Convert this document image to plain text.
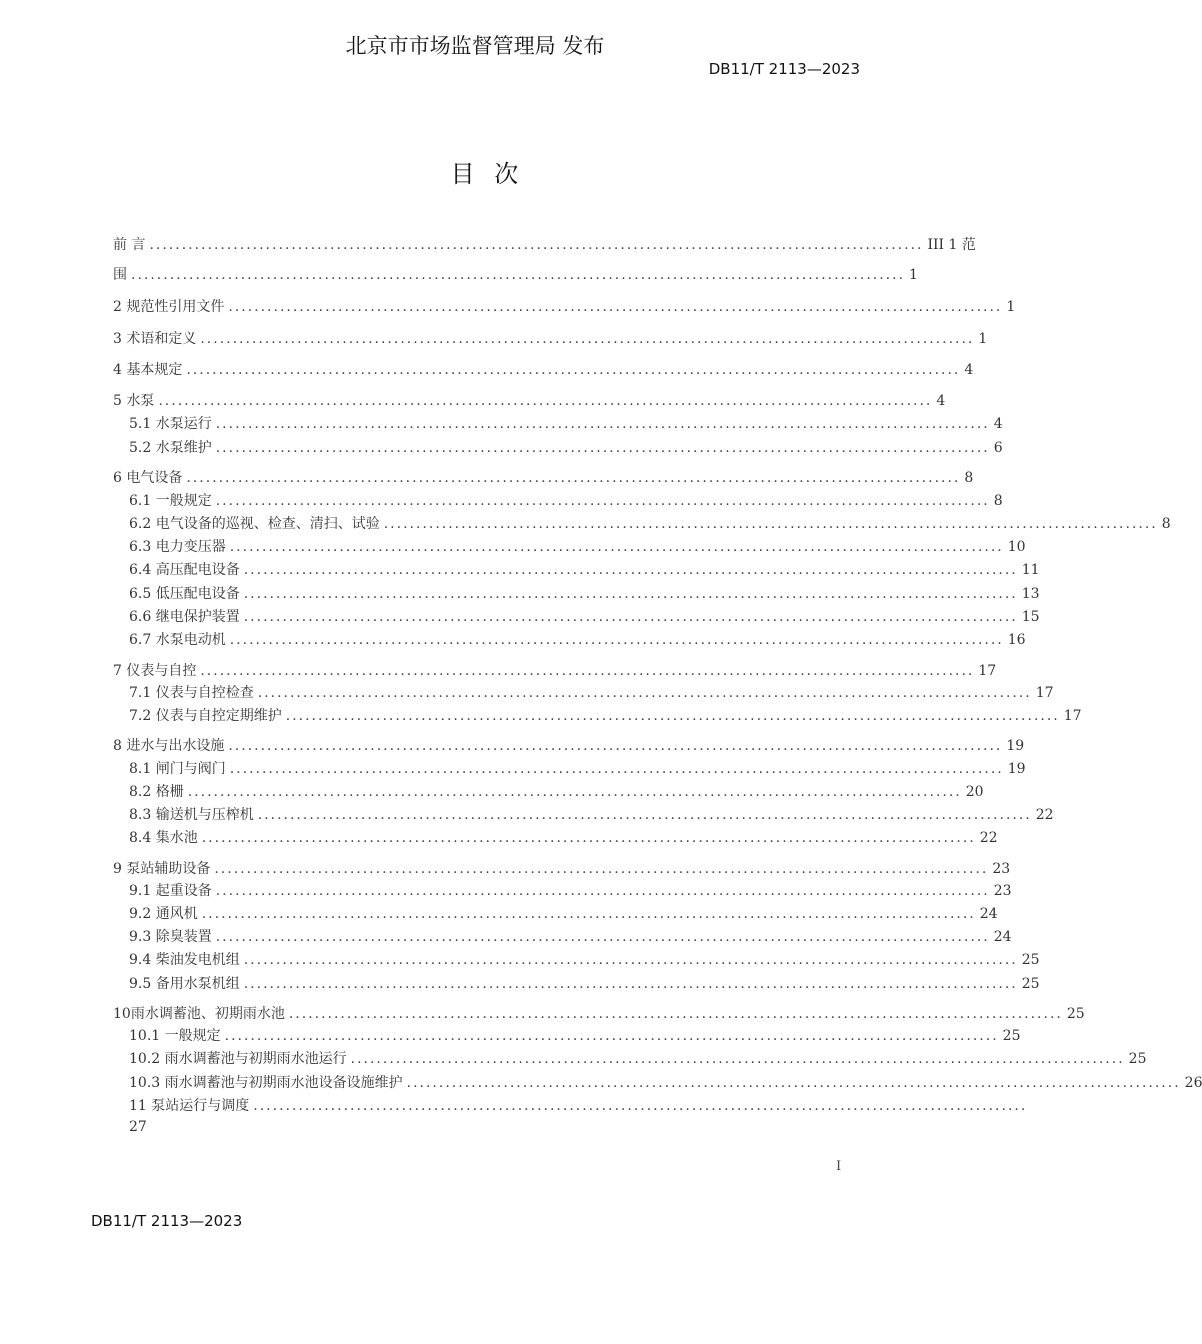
北京市市场监督管理局 发布
DB11/T 2113—2023
目 次
前 言 ........................................................................................................................ III 1 范
围 ........................................................................................................................ 1
2 规范性引用文件 ........................................................................................................................ 1
3 术语和定义 ........................................................................................................................ 1
4 基本规定 ........................................................................................................................ 4
5 水泵 ........................................................................................................................ 4
5.1 水泵运行 ........................................................................................................................ 4
5.2 水泵维护 ........................................................................................................................ 6
6 电气设备 ........................................................................................................................ 8
6.1 一般规定 ........................................................................................................................ 8
6.2 电气设备的巡视、检查、清扫、试验 ........................................................................................................................ 8
6.3 电力变压器 ........................................................................................................................ 10
6.4 高压配电设备 ........................................................................................................................ 11
6.5 低压配电设备 ........................................................................................................................ 13
6.6 继电保护装置 ........................................................................................................................ 15
6.7 水泵电动机 ........................................................................................................................ 16
7 仪表与自控 ........................................................................................................................ 17
7.1 仪表与自控检查 ........................................................................................................................ 17
7.2 仪表与自控定期维护 ........................................................................................................................ 17
8 进水与出水设施 ........................................................................................................................ 19
8.1 闸门与阀门 ........................................................................................................................ 19
8.2 格栅 ........................................................................................................................ 20
8.3 输送机与压榨机 ........................................................................................................................ 22
8.4 集水池 ........................................................................................................................ 22
9 泵站辅助设备 ........................................................................................................................ 23
9.1 起重设备 ........................................................................................................................ 23
9.2 通风机 ........................................................................................................................ 24
9.3 除臭装置 ........................................................................................................................ 24
9.4 柴油发电机组 ........................................................................................................................ 25
9.5 备用水泵机组 ........................................................................................................................ 25
10雨水调蓄池、初期雨水池 ........................................................................................................................ 25
10.1 一般规定 ........................................................................................................................ 25
10.2 雨水调蓄池与初期雨水池运行 ........................................................................................................................ 25
10.3 雨水调蓄池与初期雨水池设备设施维护 ........................................................................................................................ 26
11 泵站运行与调度 ........................................................................................................................
27
I
DB11/T 2113—2023
